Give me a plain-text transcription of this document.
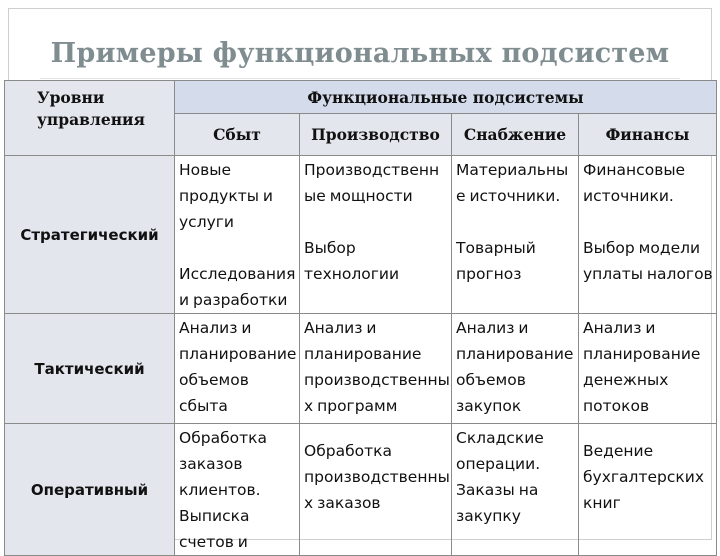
Примеры функциональных подсистем
Уровни
управления	Функциональные подсистемы			
	Сбыт	Производство	Снабжение	Финансы
Стратегический	Новые
продукты и
услуги

Исследования
и разработки	Производственн
ые мощности

Выбор
технологии	Материальны
е источники.

Товарный
прогноз	Финансовые
источники.

Выбор модели
уплаты налогов
Тактический	Анализ и
планирование
объемов
сбыта	Анализ и
планирование
производственны
х программ	Анализ и
планирование
объемов
закупок	Анализ и
планирование
денежных
потоков
Оперативный	Обработка
заказов
клиентов.
Выписка
счетов и	Обработка
производственны
х заказов	Складские
операции.
Заказы на
закупку	Ведение
бухгалтерских
книг
